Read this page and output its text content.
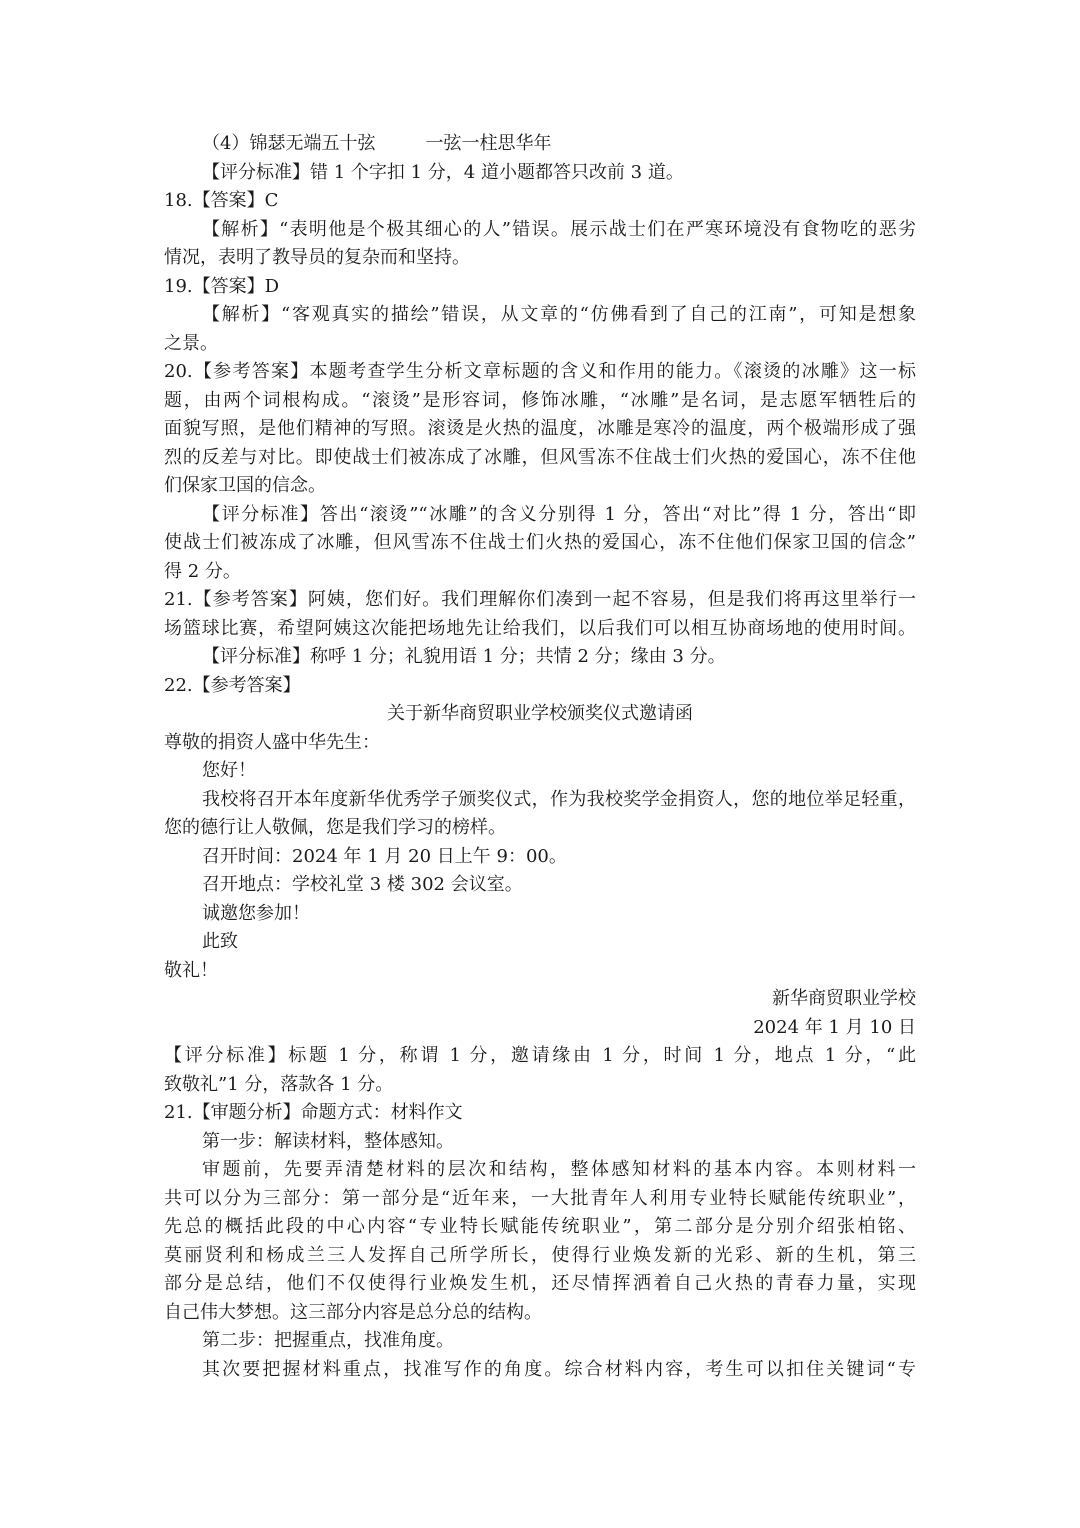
（4）锦瑟无端五十弦	一弦一柱思华年
【评分标准】错 1 个字扣 1 分，4 道小题都答只改前 3 道。
18.【答案】C
【解析】“表明他是个极其细心的人”错误。展示战士们在严寒环境没有食物吃的恶劣
情况，表明了教导员的复杂而和坚持。
19.【答案】D
【解析】“客观真实的描绘”错误，从文章的“仿佛看到了自己的江南”，可知是想象
之景。
20.【参考答案】本题考查学生分析文章标题的含义和作用的能力。《滚烫的冰雕》这一标
题，由两个词根构成。“滚烫”是形容词，修饰冰雕，“冰雕”是名词，是志愿军牺牲后的
面貌写照，是他们精神的写照。滚烫是火热的温度，冰雕是寒冷的温度，两个极端形成了强
烈的反差与对比。即使战士们被冻成了冰雕，但风雪冻不住战士们火热的爱国心，冻不住他
们保家卫国的信念。
【评分标准】答出“滚烫”“冰雕”的含义分别得 1 分，答出“对比”得 1 分，答出“即
使战士们被冻成了冰雕，但风雪冻不住战士们火热的爱国心，冻不住他们保家卫国的信念”
得 2 分。
21.【参考答案】阿姨，您们好。我们理解你们凑到一起不容易，但是我们将再这里举行一
场篮球比赛，希望阿姨这次能把场地先让给我们，以后我们可以相互协商场地的使用时间。
【评分标准】称呼 1 分；礼貌用语 1 分；共情 2 分；缘由 3 分。
22.【参考答案】
关于新华商贸职业学校颁奖仪式邀请函
尊敬的捐资人盛中华先生：
您好！
我校将召开本年度新华优秀学子颁奖仪式，作为我校奖学金捐资人，您的地位举足轻重，
您的德行让人敬佩，您是我们学习的榜样。
召开时间：2024 年 1 月 20 日上午 9：00。
召开地点：学校礼堂 3 楼 302 会议室。
诚邀您参加！
此致
敬礼！
新华商贸职业学校
2024 年 1 月 10 日
【评分标准】标题 1 分，称谓 1 分，邀请缘由 1 分，时间 1 分，地点 1 分，“此
致敬礼”1 分，落款各 1 分。
21.【审题分析】命题方式：材料作文
第一步：解读材料，整体感知。
审题前，先要弄清楚材料的层次和结构，整体感知材料的基本内容。本则材料一
共可以分为三部分：第一部分是“近年来，一大批青年人利用专业特长赋能传统职业”，
先总的概括此段的中心内容“专业特长赋能传统职业”，第二部分是分别介绍张柏铭、
莫丽贤利和杨成兰三人发挥自己所学所长，使得行业焕发新的光彩、新的生机，第三
部分是总结，他们不仅使得行业焕发生机，还尽情挥洒着自己火热的青春力量，实现
自己伟大梦想。这三部分内容是总分总的结构。
第二步：把握重点，找准角度。
其次要把握材料重点，找准写作的角度。综合材料内容，考生可以扣住关键词“专
